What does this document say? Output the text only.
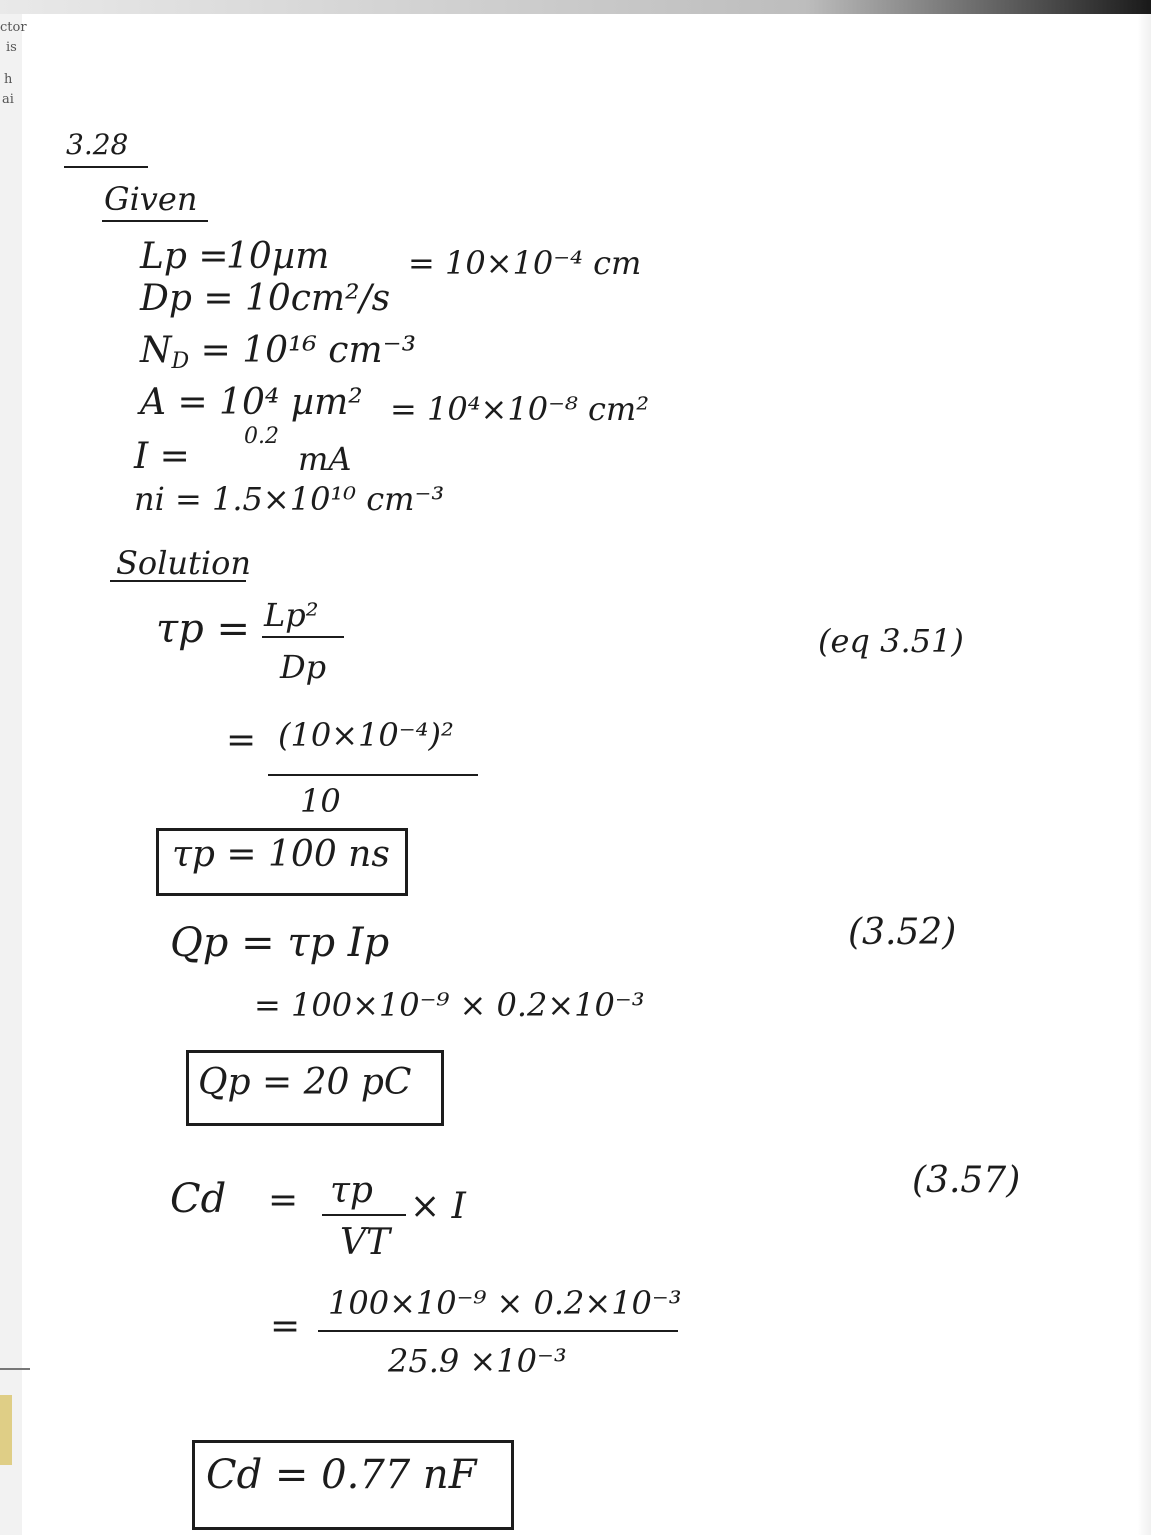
ctor
is
h
ai
3.28
Given
Lp =
10µm = 10×10⁻⁴ cm
Dp = 10cm²/s
ND = 10¹⁶ cm⁻³
A = 10⁴ µm² = 10⁴×10⁻⁸ cm²
I = 0.2
mA
ni = 1.5×10¹⁰ cm⁻³
Solution
τp = Lp²
Dp
(eq 3.51)
= (10×10⁻⁴)²
10
τp = 100 ns
Qp = τp Ip	(3.52)
= 100×10⁻⁹ × 0.2×10⁻³
Qp = 20 pC
Cd = τp
VT
× I
(3.57)
=
100×10⁻⁹ × 0.2×10⁻³
25.9 ×10⁻³
Cd = 0.77 nF
